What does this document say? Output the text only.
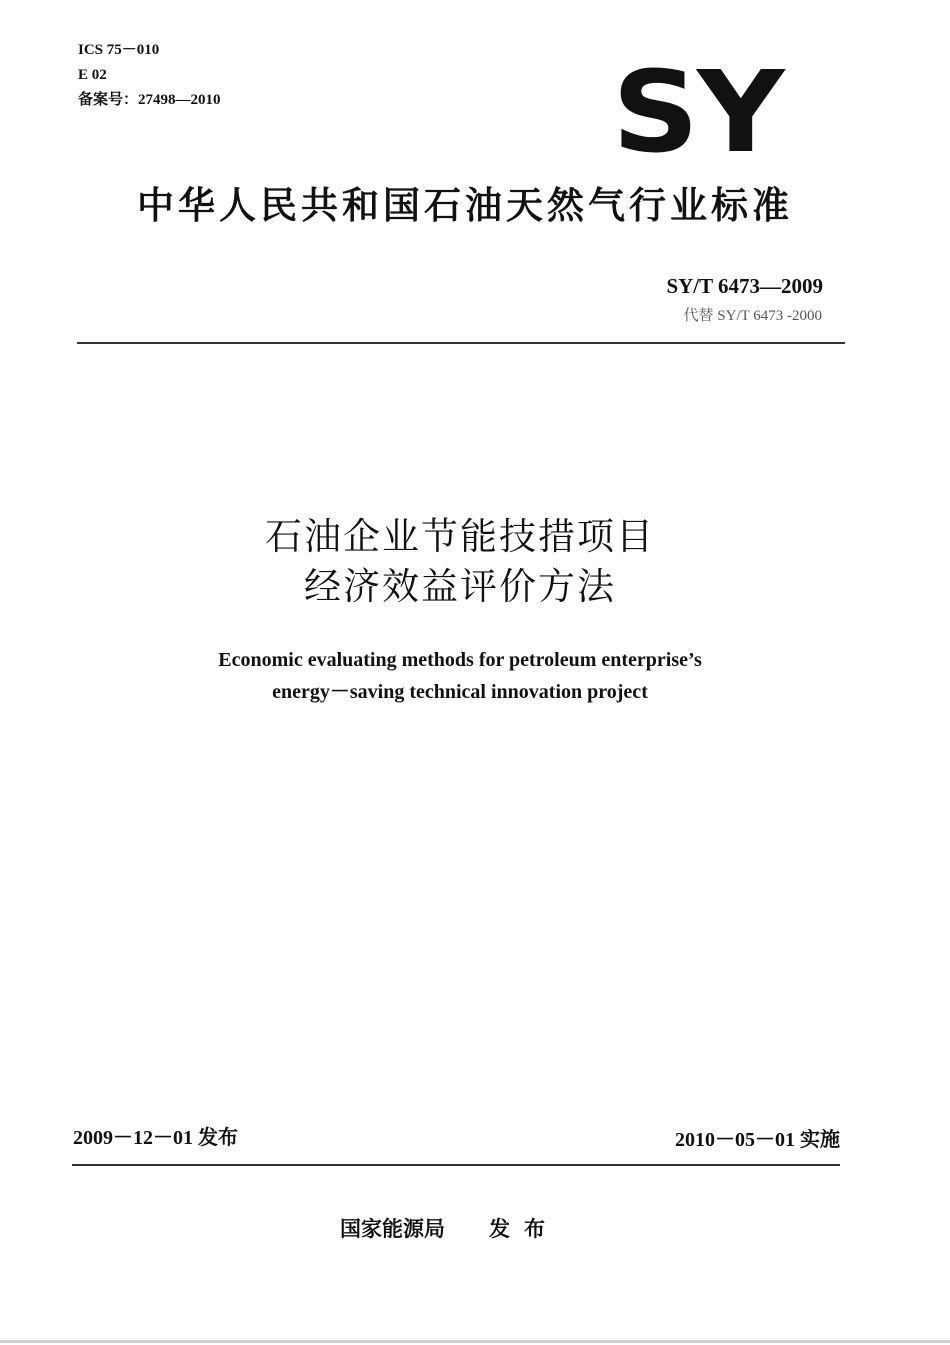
ICS 75－010
E 02
备案号：27498—2010	SY
中华人民共和国石油天然气行业标准
SY/T 6473—2009
代替 SY/T 6473 -2000
石油企业节能技措项目
经济效益评价方法
Economic evaluating methods for petroleum enterprise’s
energy－saving technical innovation project
2009－12－01 发布	2010－05－01 实施
国家能源局 发布
